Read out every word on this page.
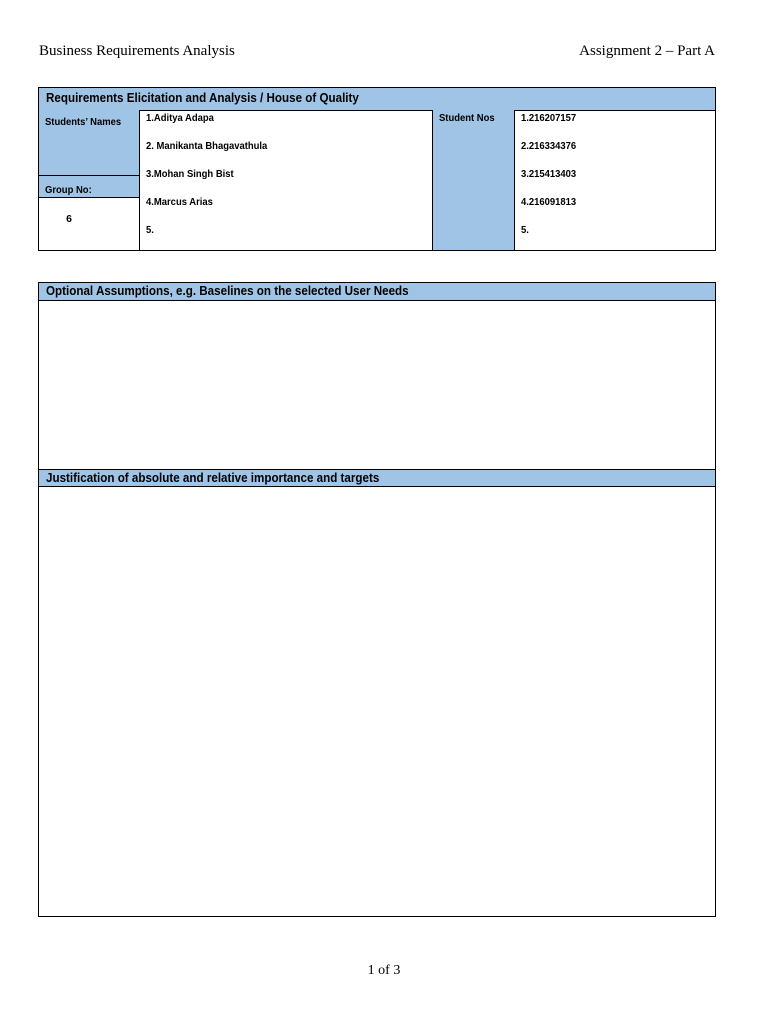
Business Requirements Analysis	Assignment 2 – Part A
Requirements Elicitation and Analysis / House of Quality
Students’ Names
Group No:
6
1.Aditya Adapa
2. Manikanta Bhagavathula
3.Mohan Singh Bist
4.Marcus Arias
5.
Student Nos	1.216207157
2.216334376
3.215413403
4.216091813
5.
Optional Assumptions, e.g. Baselines on the selected User Needs
Justification of absolute and relative importance and targets
1 of 3
